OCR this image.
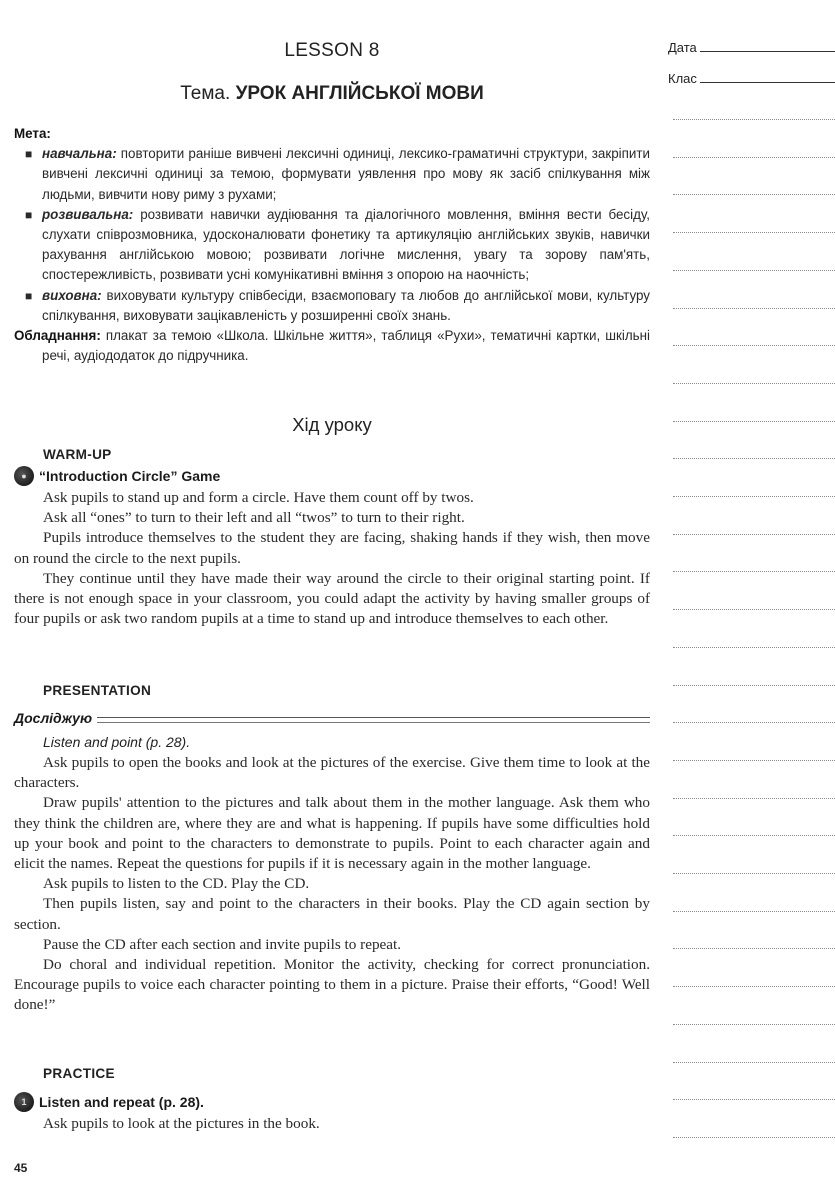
LESSON 8
Тема. УРОК АНГЛІЙСЬКОЇ МОВИ
Мета:
■ навчальна: повторити раніше вивчені лексичні одиниці, лексико-граматичні структури, закріпити вивчені лексичні одиниці за темою, формувати уявлення про мову як засіб спілкування між людьми, вивчити нову риму з рухами;
■ розвивальна: розвивати навички аудіювання та діалогічного мовлення, вміння вести бесіду, слухати співрозмовника, удосконалювати фонетику та артикуляцію англійських звуків, навички рахування англійською мовою; розвивати логічне мислення, увагу та зорову пам'ять, спостережливість, розвивати усні комунікативні вміння з опорою на наочність;
■ виховна: виховувати культуру співбесіди, взаємоповагу та любов до англійської мови, культуру спілкування, виховувати зацікавленість у розширенні своїх знань.
Обладнання: плакат за темою «Школа. Шкільне життя», таблиця «Рухи», тематичні картки, шкільні речі, аудіододаток до підручника.
Хід уроку
WARM-UP
● “Introduction Circle” Game

Ask pupils to stand up and form a circle. Have them count off by twos.

Ask all “ones” to turn to their left and all “twos” to turn to their right.

Pupils introduce themselves to the student they are facing, shaking hands if they wish, then move on round the circle to the next pupils.

They continue until they have made their way around the circle to their original starting point. If there is not enough space in your classroom, you could adapt the activity by having smaller groups of four pupils or ask two random pupils at a time to stand up and introduce themselves to each other.

PRESENTATION
Досліджую
Listen and point (p. 28).

Ask pupils to open the books and look at the pictures of the exercise. Give them time to look at the characters.

Draw pupils' attention to the pictures and talk about them in the mother language. Ask them who they think the children are, where they are and what is happening. If pupils have some difficulties hold up your book and point to the characters to demonstrate to pupils. Point to each character again and elicit the names. Repeat the questions for pupils if it is necessary again in the mother language.

Ask pupils to listen to the CD. Play the CD.

Then pupils listen, say and point to the characters in their books. Play the CD again section by section.

Pause the CD after each section and invite pupils to repeat.

Do choral and individual repetition. Monitor the activity, checking for correct pronunciation. Encourage pupils to voice each character pointing to them in a picture. Praise their efforts, “Good! Well done!”

PRACTICE
1 Listen and repeat (p. 28).

Ask pupils to look at the pictures in the book.

45
Дата
Клас
